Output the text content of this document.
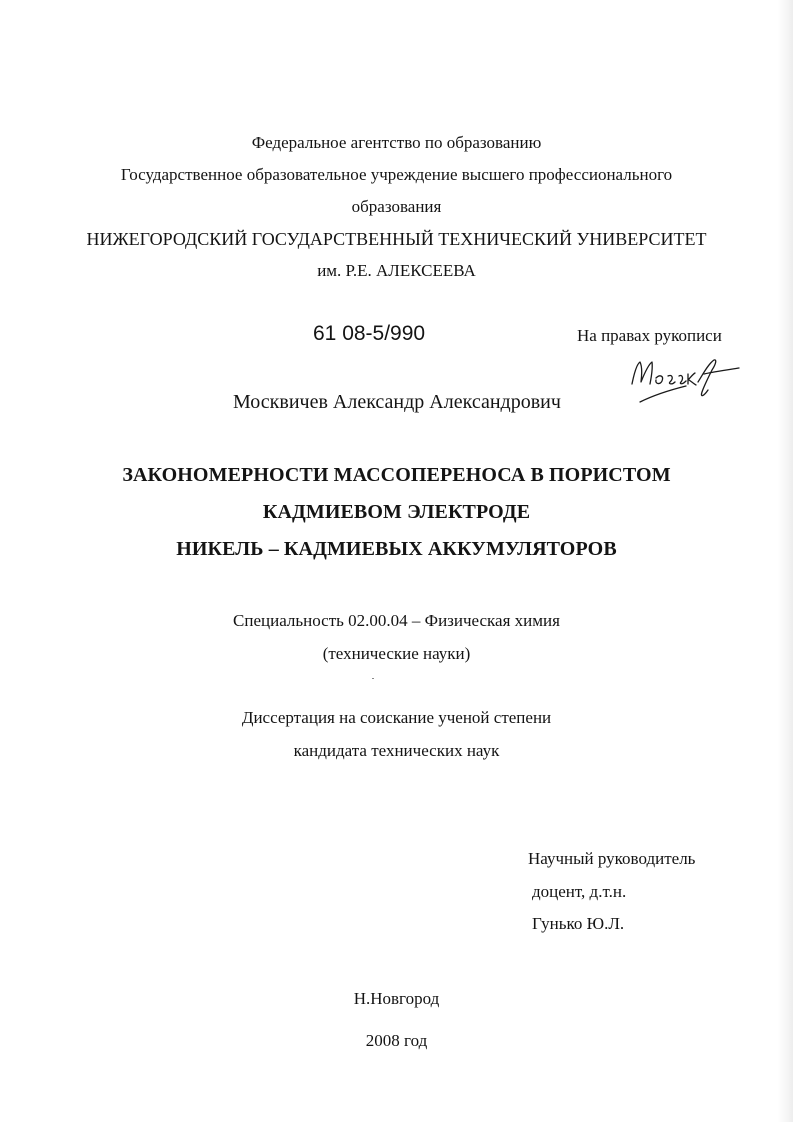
Федеральное агентство по образованию
Государственное образовательное учреждение высшего профессионального
образования
НИЖЕГОРОДСКИЙ ГОСУДАРСТВЕННЫЙ ТЕХНИЧЕСКИЙ УНИВЕРСИТЕТ
им. Р.Е. АЛЕКСЕЕВА
61 08-5/990	На правах рукописи
Москвичев Александр Александрович
ЗАКОНОМЕРНОСТИ МАССОПЕРЕНОСА В ПОРИСТОМ
КАДМИЕВОМ ЭЛЕКТРОДЕ
НИКЕЛЬ – КАДМИЕВЫХ АККУМУЛЯТОРОВ
Специальность 02.00.04 – Физическая химия
(технические науки)
Диссертация на соискание ученой степени
кандидата технических наук
Научный руководитель
доцент, д.т.н.
Гунько Ю.Л.
Н.Новгород
2008 год
